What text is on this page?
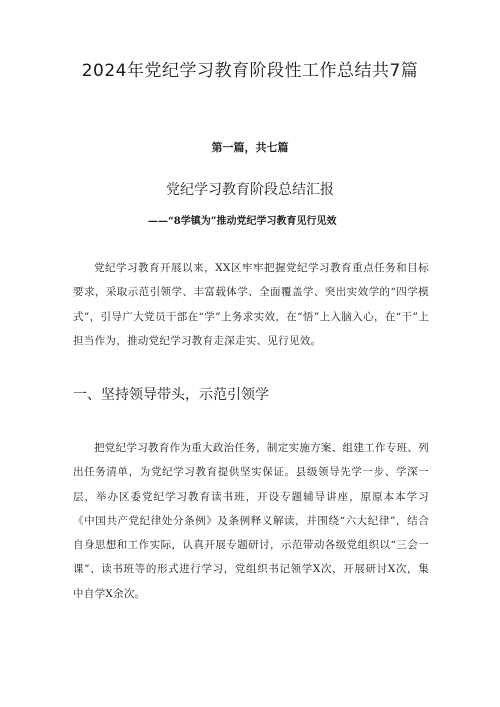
2024年党纪学习教育阶段性工作总结共7篇

第一篇，共七篇

党纪学习教育阶段总结汇报

——“8学镇为”推动党纪学习教育见行见效

党纪学习教育开展以来，XX区牢牢把握党纪学习教育重点任务和目标要求，采取示范引领学、丰富载体学、全面覆盖学、突出实效学的“四学模式”，引导广大党员干部在“学”上务求实效，在“悟”上入脑入心，在“干”上担当作为，推动党纪学习教育走深走实、见行见效。

一、坚持领导带头，示范引领学

把党纪学习教育作为重大政治任务，制定实施方案、组建工作专班、列出任务清单，为党纪学习教育提供坚实保证。县级领导先学一步、学深一层，举办区委党纪学习教育读书班，开设专题辅导讲座，原原本本学习《中国共产党纪律处分条例》及条例释义解读，并围绕“六大纪律”，结合自身思想和工作实际，认真开展专题研讨，示范带动各级党组织以“三会一课”、读书班等的形式进行学习，党组织书记领学X次，开展研讨X次，集中自学X余次。
